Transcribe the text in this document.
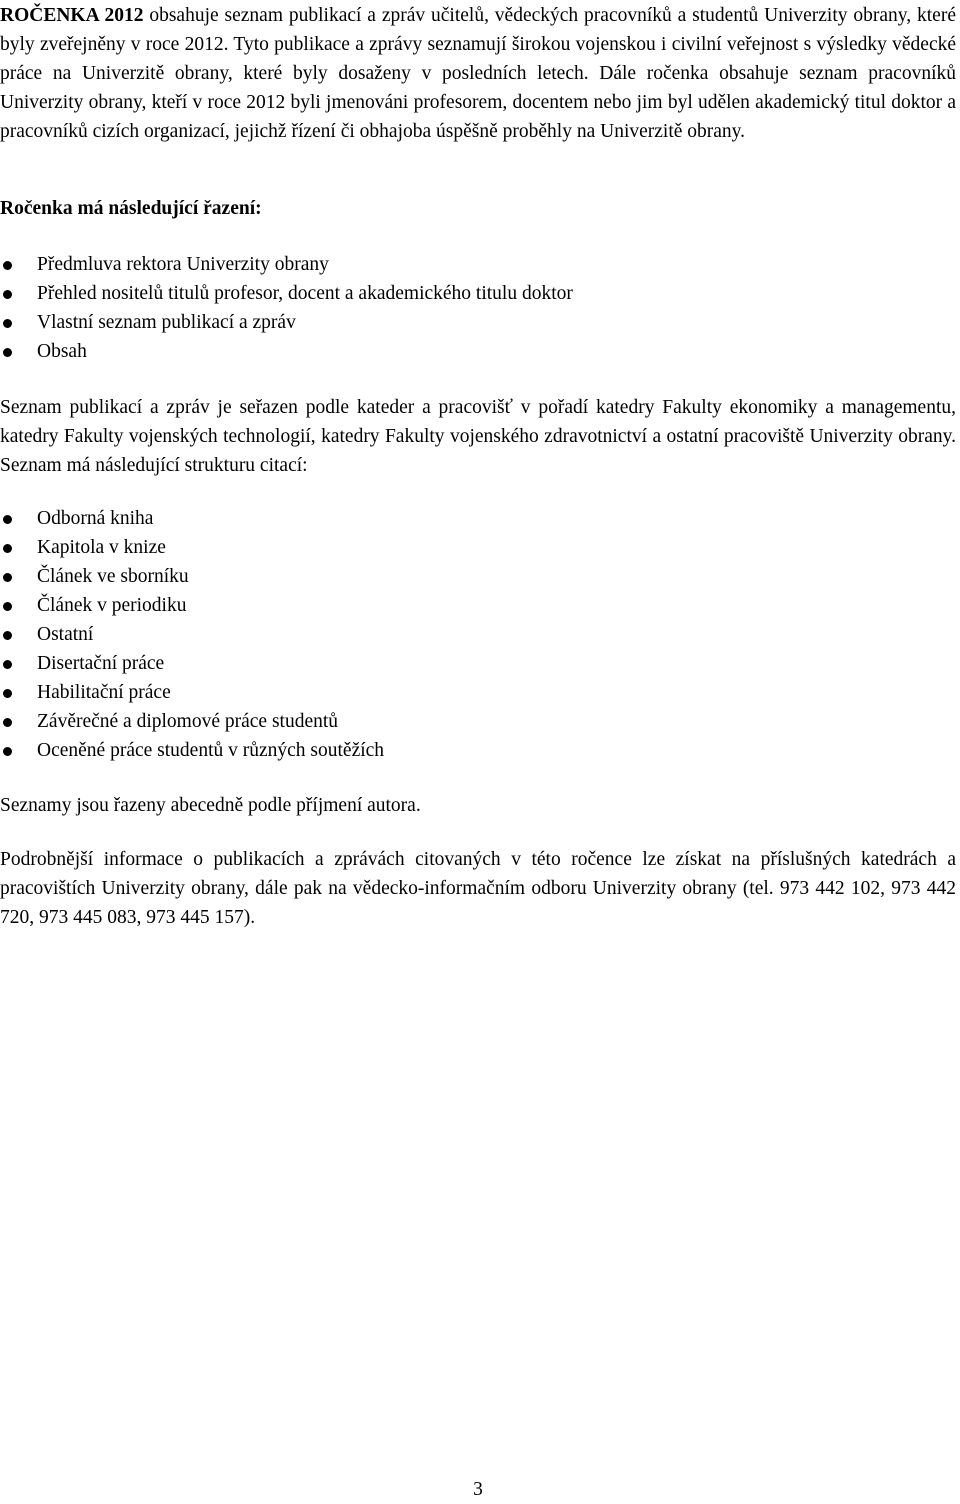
ROČENKA 2012 obsahuje seznam publikací a zpráv učitelů, vědeckých pracovníků a studentů Univerzity obrany, které byly zveřejněny v roce 2012. Tyto publikace a zprávy seznamují širokou vojenskou i civilní veřejnost s výsledky vědecké práce na Univerzitě obrany, které byly dosaženy v posledních letech. Dále ročenka obsahuje seznam pracovníků Univerzity obrany, kteří v roce 2012 byli jmenováni profesorem, docentem nebo jim byl udělen akademický titul doktor a pracovníků cizích organizací, jejichž řízení či obhajoba úspěšně proběhly na Univerzitě obrany.

Ročenka má následující řazení:

Předmluva rektora Univerzity obrany
Přehled nositelů titulů profesor, docent a akademického titulu doktor
Vlastní seznam publikací a zpráv
Obsah

Seznam publikací a zpráv je seřazen podle kateder a pracovišť v pořadí katedry Fakulty ekonomiky a managementu, katedry Fakulty vojenských technologií, katedry Fakulty vojenského zdravotnictví a ostatní pracoviště Univerzity obrany. Seznam má následující strukturu citací:

Odborná kniha
Kapitola v knize
Článek ve sborníku
Článek v periodiku
Ostatní
Disertační práce
Habilitační práce
Závěrečné a diplomové práce studentů
Oceněné práce studentů v různých soutěžích

Seznamy jsou řazeny abecedně podle příjmení autora.

Podrobnější informace o publikacích a zprávách citovaných v této ročence lze získat na příslušných katedrách a pracovištích Univerzity obrany, dále pak na vědecko-informačním odboru Univerzity obrany (tel. 973 442 102, 973 442 720, 973 445 083, 973 445 157).

3
